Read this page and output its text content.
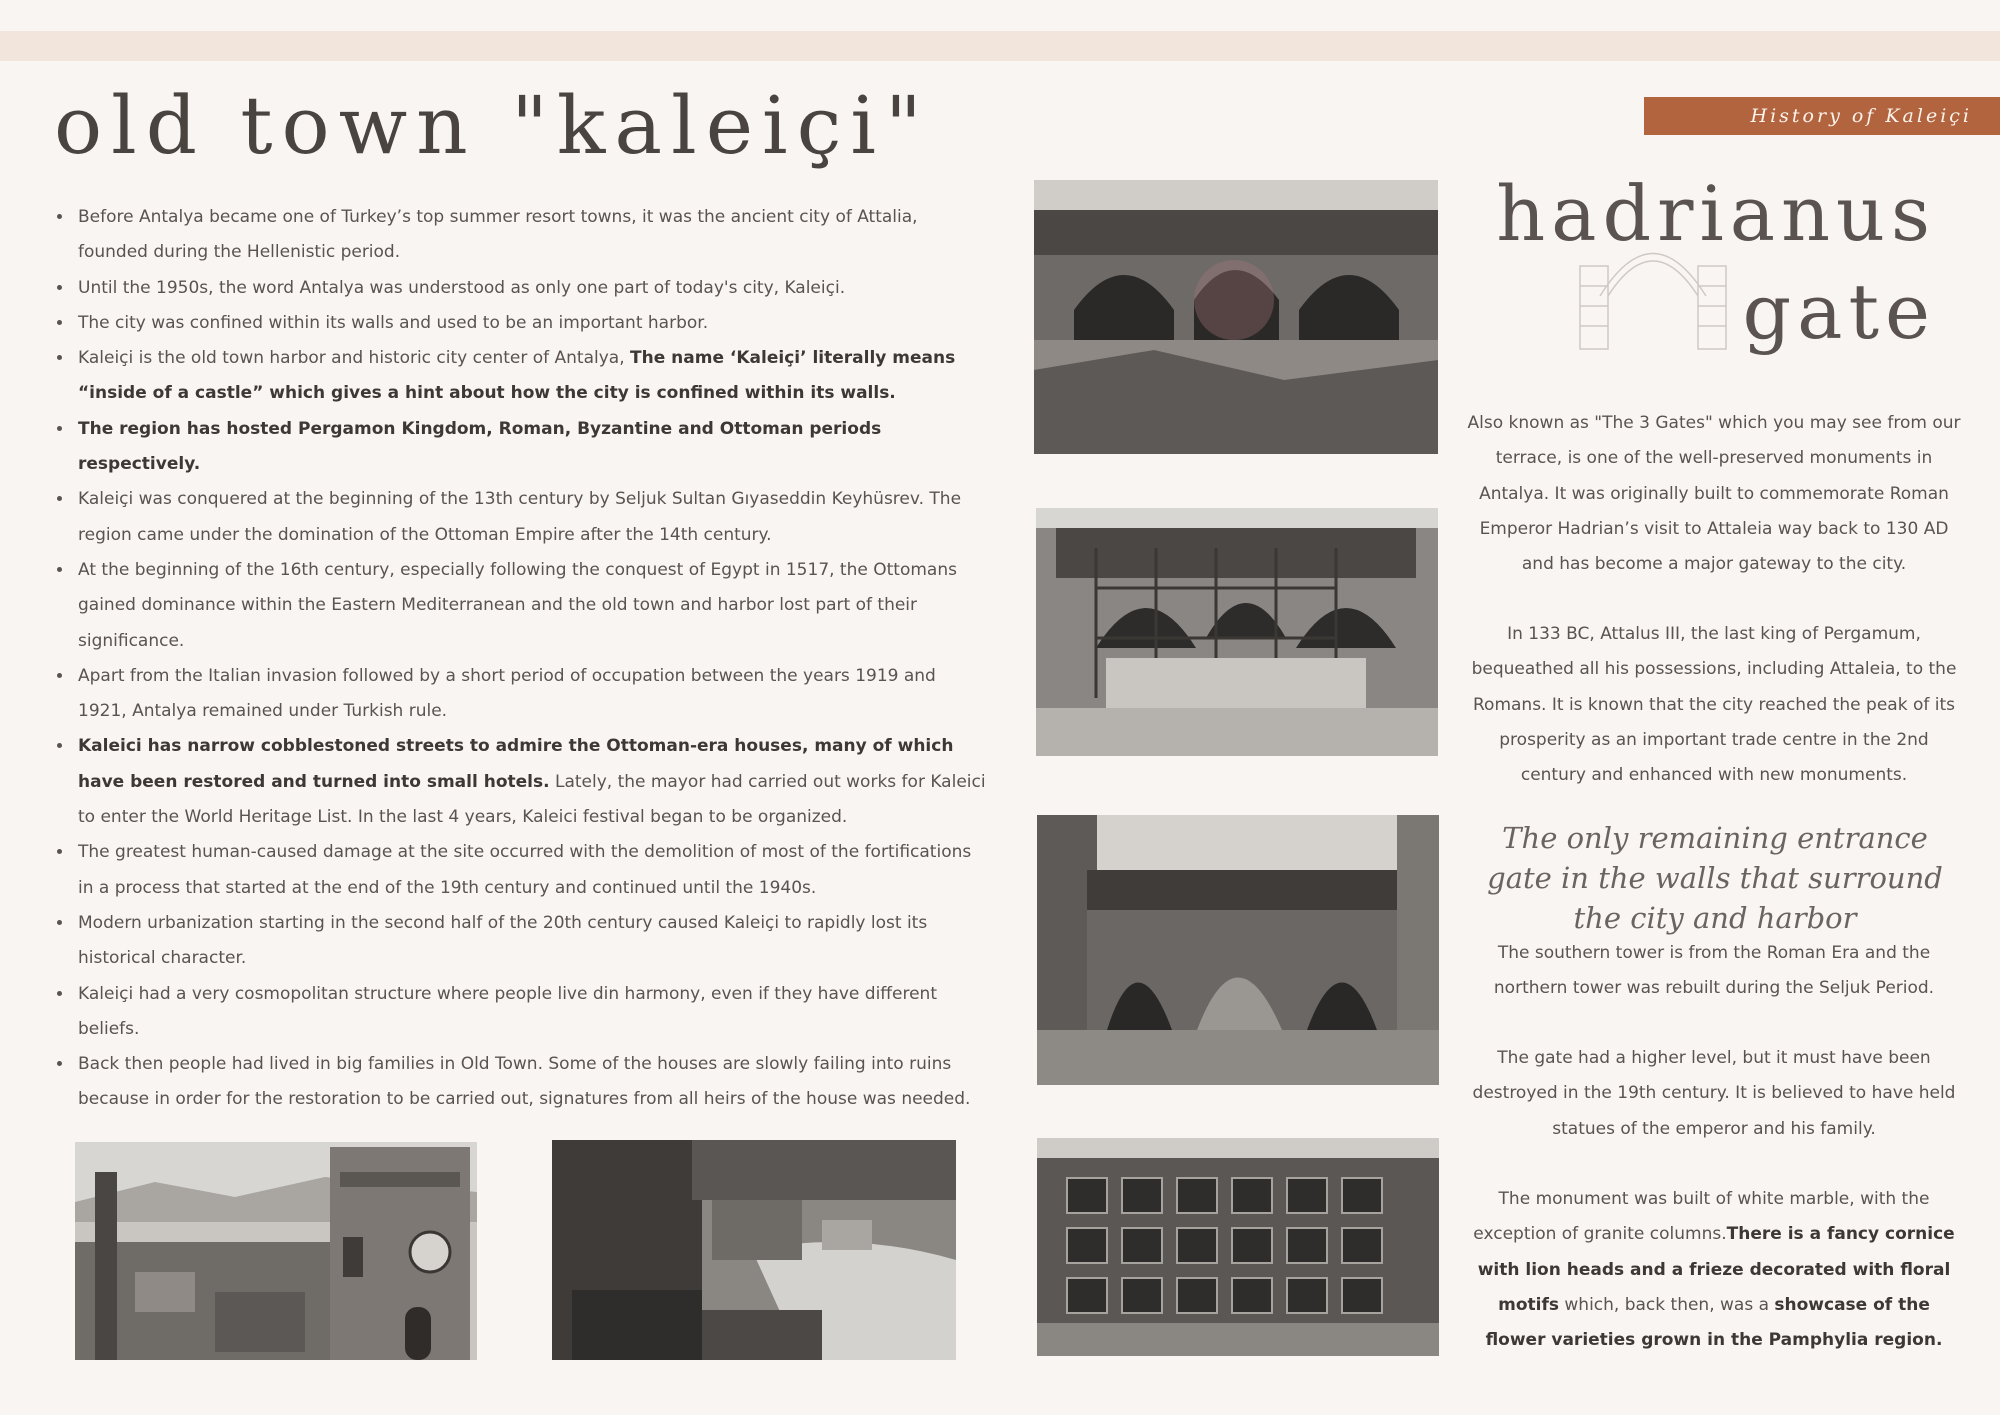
History of Kaleiçi
old town "kaleiçi"
• Before Antalya became one of Turkey’s top summer resort towns, it was the ancient city of Attalia, founded during the Hellenistic period.
• Until the 1950s, the word Antalya was understood as only one part of today's city, Kaleiçi.
• The city was confined within its walls and used to be an important harbor.
• Kaleiçi is the old town harbor and historic city center of Antalya, The name ‘Kaleiçi’ literally means “inside of a castle” which gives a hint about how the city is confined within its walls.
• The region has hosted Pergamon Kingdom, Roman, Byzantine and Ottoman periods respectively.
• Kaleiçi was conquered at the beginning of the 13th century by Seljuk Sultan Gıyaseddin Keyhüsrev. The region came under the domination of the Ottoman Empire after the 14th century.
• At the beginning of the 16th century, especially following the conquest of Egypt in 1517, the Ottomans gained dominance within the Eastern Mediterranean and the old town and harbor lost part of their significance.
• Apart from the Italian invasion followed by a short period of occupation between the years 1919 and 1921, Antalya remained under Turkish rule.
• Kaleici has narrow cobblestoned streets to admire the Ottoman-era houses, many of which have been restored and turned into small hotels. Lately, the mayor had carried out works for Kaleici to enter the World Heritage List. In the last 4 years, Kaleici festival began to be organized.
• The greatest human-caused damage at the site occurred with the demolition of most of the fortifications in a process that started at the end of the 19th century and continued until the 1940s.
• Modern urbanization starting in the second half of the 20th century caused Kaleiçi to rapidly lost its historical character.
• Kaleiçi had a very cosmopolitan structure where people live din harmony, even if they have different beliefs.
• Back then people had lived in big families in Old Town. Some of the houses are slowly failing into ruins because in order for the restoration to be carried out, signatures from all heirs of the house was needed.
hadrianus
gate

Also known as "The 3 Gates" which you may see from our terrace, is one of the well-preserved monuments in Antalya. It was originally built to commemorate Roman Emperor Hadrian’s visit to Attaleia way back to 130 AD and has become a major gateway to the city.

In 133 BC, Attalus III, the last king of Pergamum, bequeathed all his possessions, including Attaleia, to the Romans. It is known that the city reached the peak of its prosperity as an important trade centre in the 2nd century and enhanced with new monuments.

The only remaining entrance gate in the walls that surround the city and harbor

The southern tower is from the Roman Era and the northern tower was rebuilt during the Seljuk Period.

The gate had a higher level, but it must have been destroyed in the 19th century. It is believed to have held statues of the emperor and his family.

The monument was built of white marble, with the exception of granite columns.There is a fancy cornice with lion heads and a frieze decorated with floral motifs which, back then, was a showcase of the flower varieties grown in the Pamphylia region.
